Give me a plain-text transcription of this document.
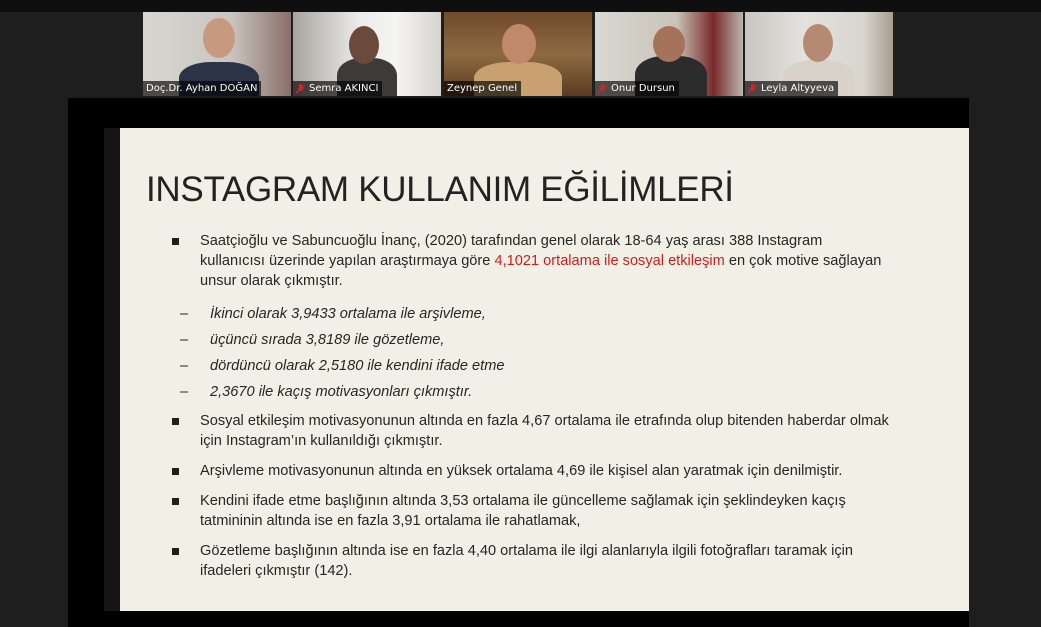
Doç.Dr. Ayhan DOĞAN	Semra AKINCI	Zeynep Genel	Onur Dursun	Leyla Altyyeva
INSTAGRAM KULLANIM EĞİLİMLERİ
Saatçioğlu ve Sabuncuoğlu İnanç, (2020) tarafından genel olarak 18-64 yaş arası 388 Instagram kullanıcısı üzerinde yapılan araştırmaya göre 4,1021 ortalama ile sosyal etkileşim en çok motive sağlayan unsur olarak çıkmıştır.
– İkinci olarak 3,9433 ortalama ile arşivleme,
– üçüncü sırada 3,8189 ile gözetleme,
– dördüncü olarak 2,5180 ile kendini ifade etme
– 2,3670 ile kaçış motivasyonları çıkmıştır.
Sosyal etkileşim motivasyonunun altında en fazla 4,67 ortalama ile etrafında olup bitenden haberdar olmak için Instagram’ın kullanıldığı çıkmıştır.
Arşivleme motivasyonunun altında en yüksek ortalama 4,69 ile kişisel alan yaratmak için denilmiştir.
Kendini ifade etme başlığının altında 3,53 ortalama ile güncelleme sağlamak için şeklindeyken kaçış tatmininin altında ise en fazla 3,91 ortalama ile rahatlamak,
Gözetleme başlığının altında ise en fazla 4,40 ortalama ile ilgi alanlarıyla ilgili fotoğrafları taramak için ifadeleri çıkmıştır (142).
